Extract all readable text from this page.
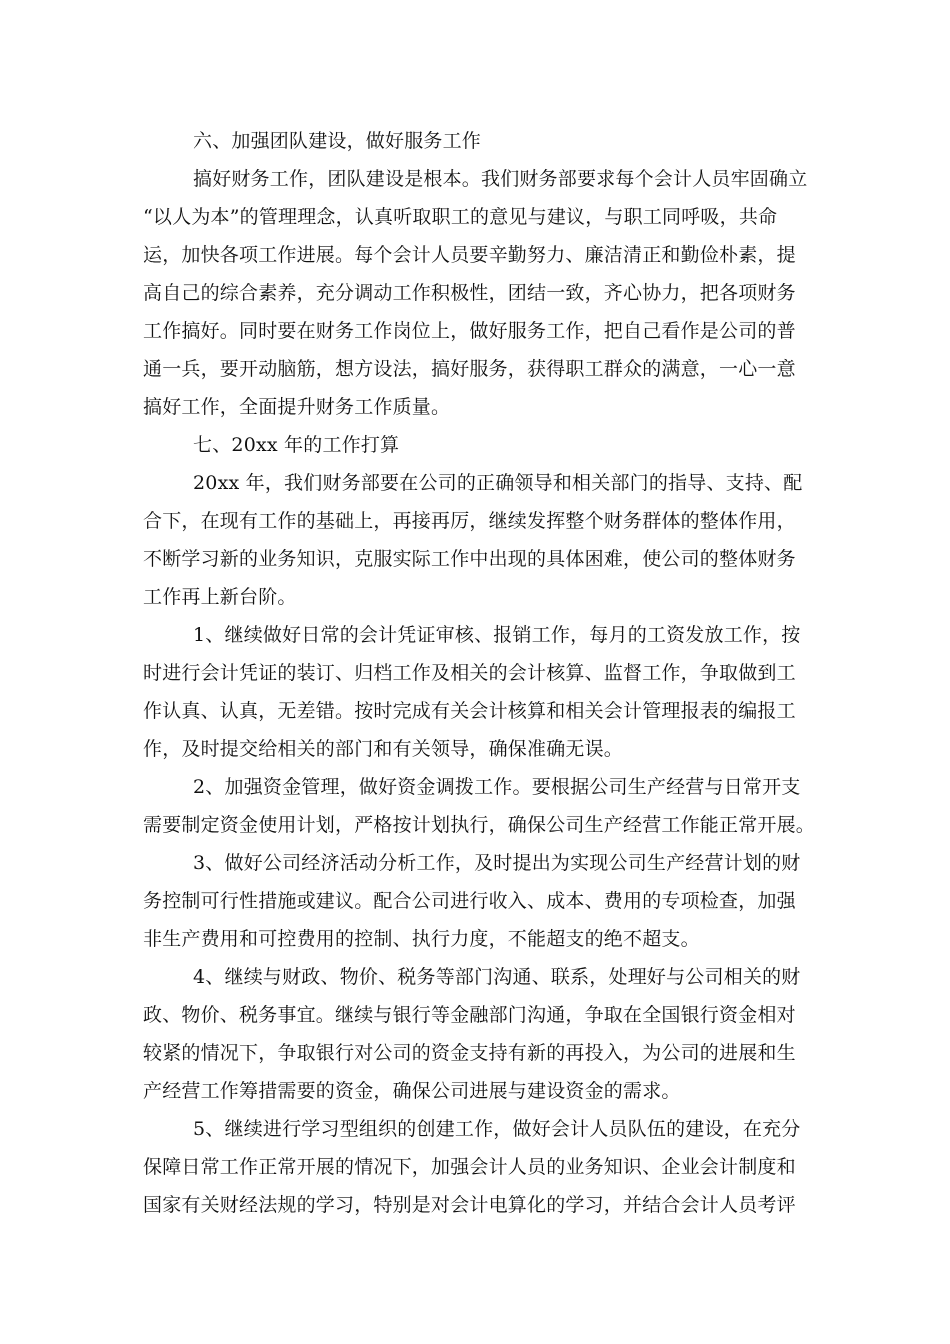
六、加强团队建设，做好服务工作
搞好财务工作，团队建设是根本。我们财务部要求每个会计人员牢固确立
“以人为本”的管理理念，认真听取职工的意见与建议，与职工同呼吸，共命
运，加快各项工作进展。每个会计人员要辛勤努力、廉洁清正和勤俭朴素，提
高自己的综合素养，充分调动工作积极性，团结一致，齐心协力，把各项财务
工作搞好。同时要在财务工作岗位上，做好服务工作，把自己看作是公司的普
通一兵，要开动脑筋，想方设法，搞好服务，获得职工群众的满意，一心一意
搞好工作，全面提升财务工作质量。
七、20xx 年的工作打算
20xx 年，我们财务部要在公司的正确领导和相关部门的指导、支持、配
合下，在现有工作的基础上，再接再厉，继续发挥整个财务群体的整体作用，
不断学习新的业务知识，克服实际工作中出现的具体困难，使公司的整体财务
工作再上新台阶。
1、继续做好日常的会计凭证审核、报销工作，每月的工资发放工作，按
时进行会计凭证的装订、归档工作及相关的会计核算、监督工作，争取做到工
作认真、认真，无差错。按时完成有关会计核算和相关会计管理报表的编报工
作，及时提交给相关的部门和有关领导，确保准确无误。
2、加强资金管理，做好资金调拨工作。要根据公司生产经营与日常开支
需要制定资金使用计划，严格按计划执行，确保公司生产经营工作能正常开展。
3、做好公司经济活动分析工作，及时提出为实现公司生产经营计划的财
务控制可行性措施或建议。配合公司进行收入、成本、费用的专项检查，加强
非生产费用和可控费用的控制、执行力度，不能超支的绝不超支。
4、继续与财政、物价、税务等部门沟通、联系，处理好与公司相关的财
政、物价、税务事宜。继续与银行等金融部门沟通，争取在全国银行资金相对
较紧的情况下，争取银行对公司的资金支持有新的再投入，为公司的进展和生
产经营工作筹措需要的资金，确保公司进展与建设资金的需求。
5、继续进行学习型组织的创建工作，做好会计人员队伍的建设，在充分
保障日常工作正常开展的情况下，加强会计人员的业务知识、企业会计制度和
国家有关财经法规的学习，特别是对会计电算化的学习，并结合会计人员考评
